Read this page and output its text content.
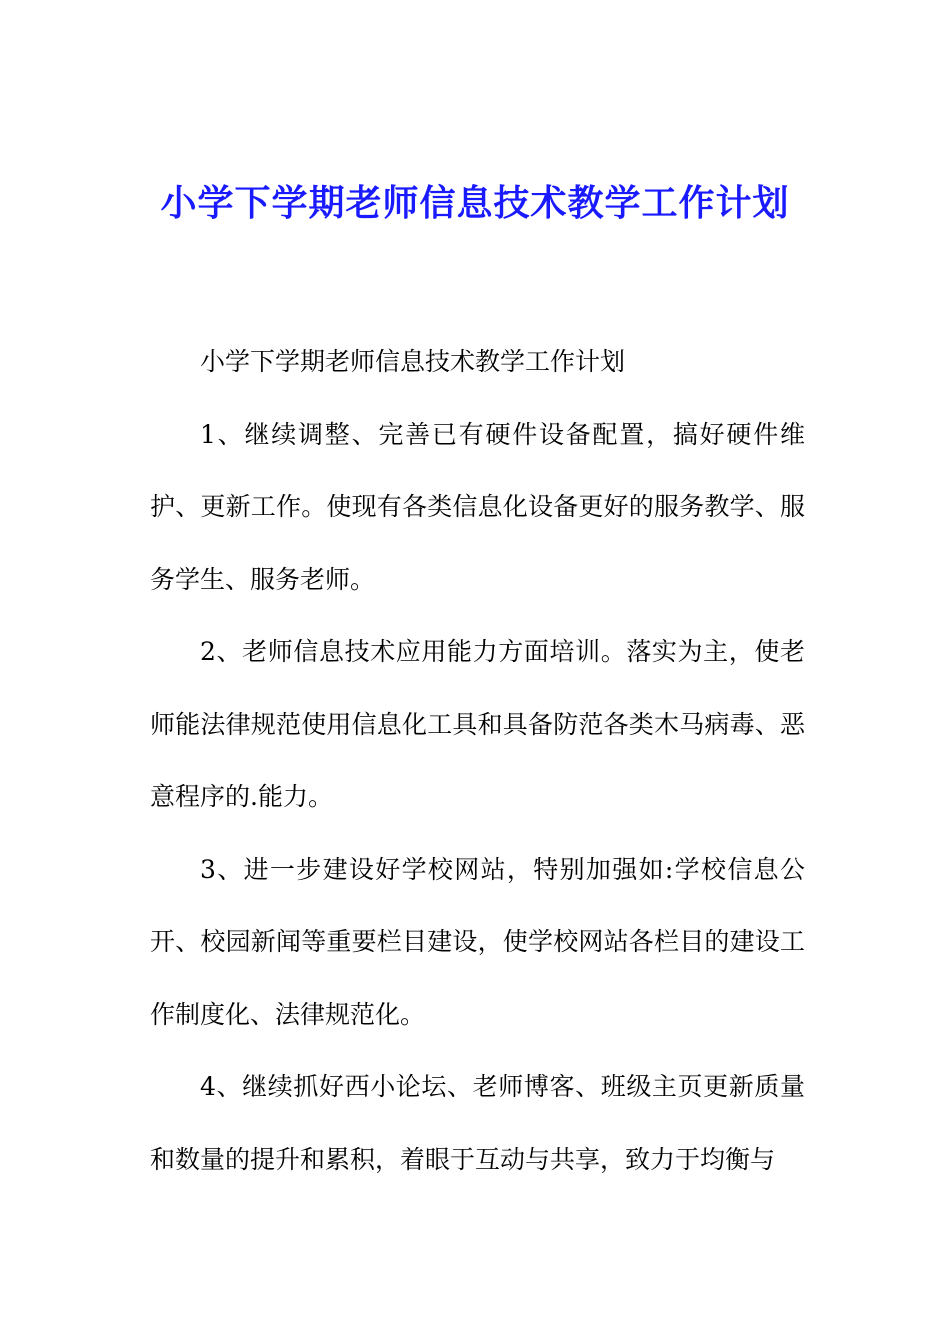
小学下学期老师信息技术教学工作计划

小学下学期老师信息技术教学工作计划

1、继续调整、完善已有硬件设备配置，搞好硬件维护、更新工作。使现有各类信息化设备更好的服务教学、服务学生、服务老师。

2、老师信息技术应用能力方面培训。落实为主，使老师能法律规范使用信息化工具和具备防范各类木马病毒、恶意程序的.能力。

3、进一步建设好学校网站，特别加强如:学校信息公开、校园新闻等重要栏目建设，使学校网站各栏目的建设工作制度化、法律规范化。

4、继续抓好西小论坛、老师博客、班级主页更新质量和数量的提升和累积，着眼于互动与共享，致力于均衡与
